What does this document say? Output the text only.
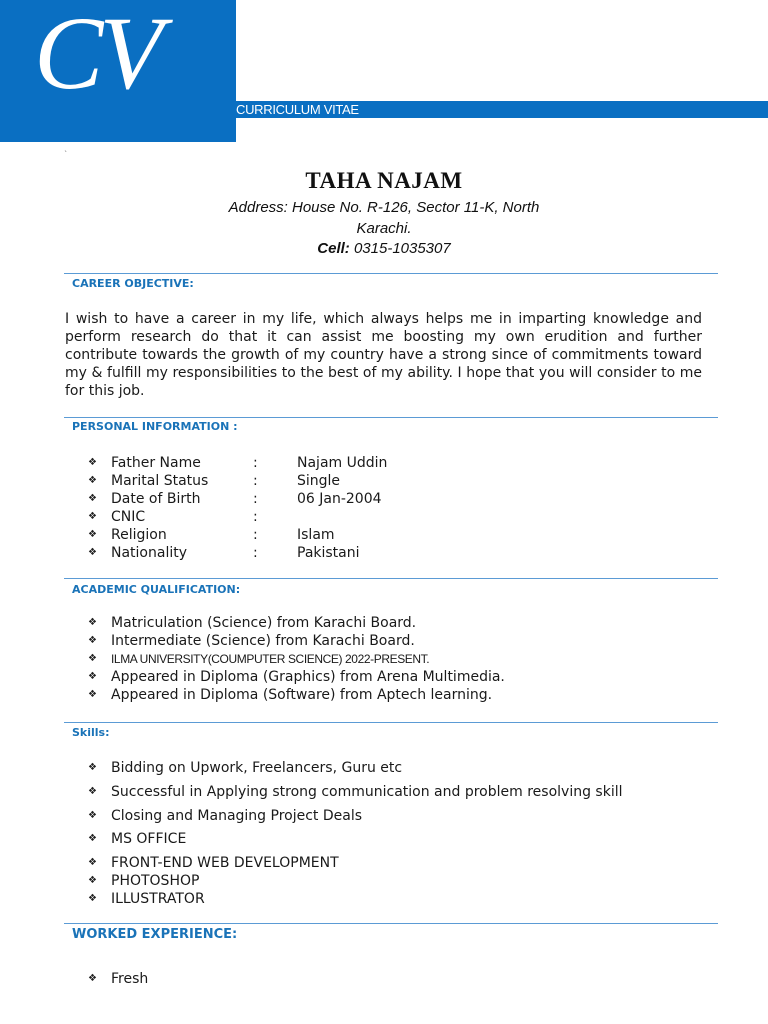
CV	CURRICULUM VITAE
`
TAHA NAJAM
Address: House No. R-126, Sector 11-K, North Karachi.
Cell: 0315-1035307
CAREER OBJECTIVE:
I wish to have a career in my life, which always helps me in imparting knowledge and perform research do that it can assist me boosting my own erudition and further contribute towards the growth of my country have a strong since of commitments toward my & fulfill my responsibilities to the best of my ability. I hope that you will consider to me for this job.
PERSONAL INFORMATION :
❖ Father Name	:	Najam Uddin
❖ Marital Status	:	Single
❖ Date of Birth	:	06 Jan-2004
❖ CNIC	:
❖ Religion	:	Islam
❖ Nationality	:	Pakistani
ACADEMIC QUALIFICATION:
❖ Matriculation (Science) from Karachi Board.
❖ Intermediate (Science) from Karachi Board.
❖ ILMA UNIVERSITY(COUMPUTER SCIENCE) 2022-PRESENT.
❖ Appeared in Diploma (Graphics) from Arena Multimedia.
❖ Appeared in Diploma (Software) from Aptech learning.
Skills:
❖ Bidding on Upwork, Freelancers, Guru etc
❖ Successful in Applying strong communication and problem resolving skill
❖ Closing and Managing Project Deals
❖ MS OFFICE
❖ FRONT-END WEB DEVELOPMENT
❖ PHOTOSHOP
❖ ILLUSTRATOR
WORKED EXPERIENCE:
❖ Fresh
